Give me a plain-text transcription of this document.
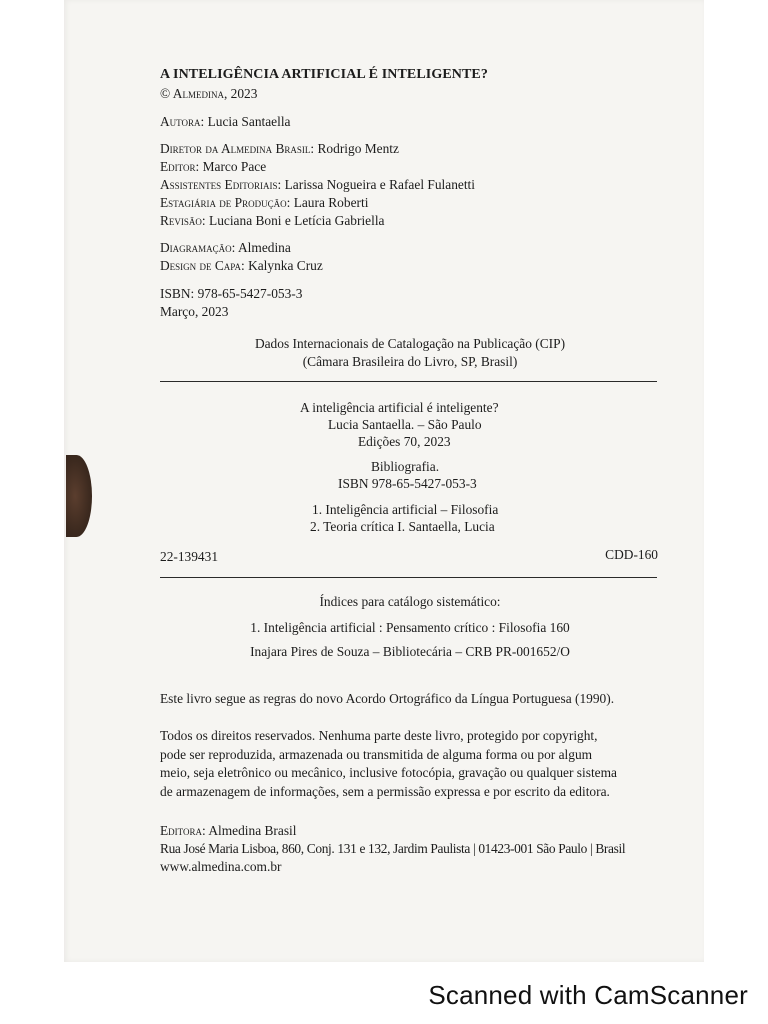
A INTELIGÊNCIA ARTIFICIAL É INTELIGENTE?
© Almedina, 2023
Autora: Lucia Santaella
Diretor da Almedina Brasil: Rodrigo Mentz
Editor: Marco Pace
Assistentes Editoriais: Larissa Nogueira e Rafael Fulanetti
Estagiária de Produção: Laura Roberti
Revisão: Luciana Boni e Letícia Gabriella
Diagramação: Almedina
Design de Capa: Kalynka Cruz
ISBN: 978-65-5427-053-3
Março, 2023
Dados Internacionais de Catalogação na Publicação (CIP)
(Câmara Brasileira do Livro, SP, Brasil)
A inteligência artificial é inteligente?
Lucia Santaella. – São Paulo
Edições 70, 2023
Bibliografia.
ISBN 978-65-5427-053-3
1. Inteligência artificial – Filosofia
2. Teoria crítica I. Santaella, Lucia
22-139431	CDD-160
Índices para catálogo sistemático:
1. Inteligência artificial : Pensamento crítico : Filosofia 160
Inajara Pires de Souza – Bibliotecária – CRB PR-001652/O
Este livro segue as regras do novo Acordo Ortográfico da Língua Portuguesa (1990).
Todos os direitos reservados. Nenhuma parte deste livro, protegido por copyright,
pode ser reproduzida, armazenada ou transmitida de alguma forma ou por algum
meio, seja eletrônico ou mecânico, inclusive fotocópia, gravação ou qualquer sistema
de armazenagem de informações, sem a permissão expressa e por escrito da editora.
Editora: Almedina Brasil
Rua José Maria Lisboa, 860, Conj. 131 e 132, Jardim Paulista | 01423-001 São Paulo | Brasil
www.almedina.com.br
Scanned with CamScanner
